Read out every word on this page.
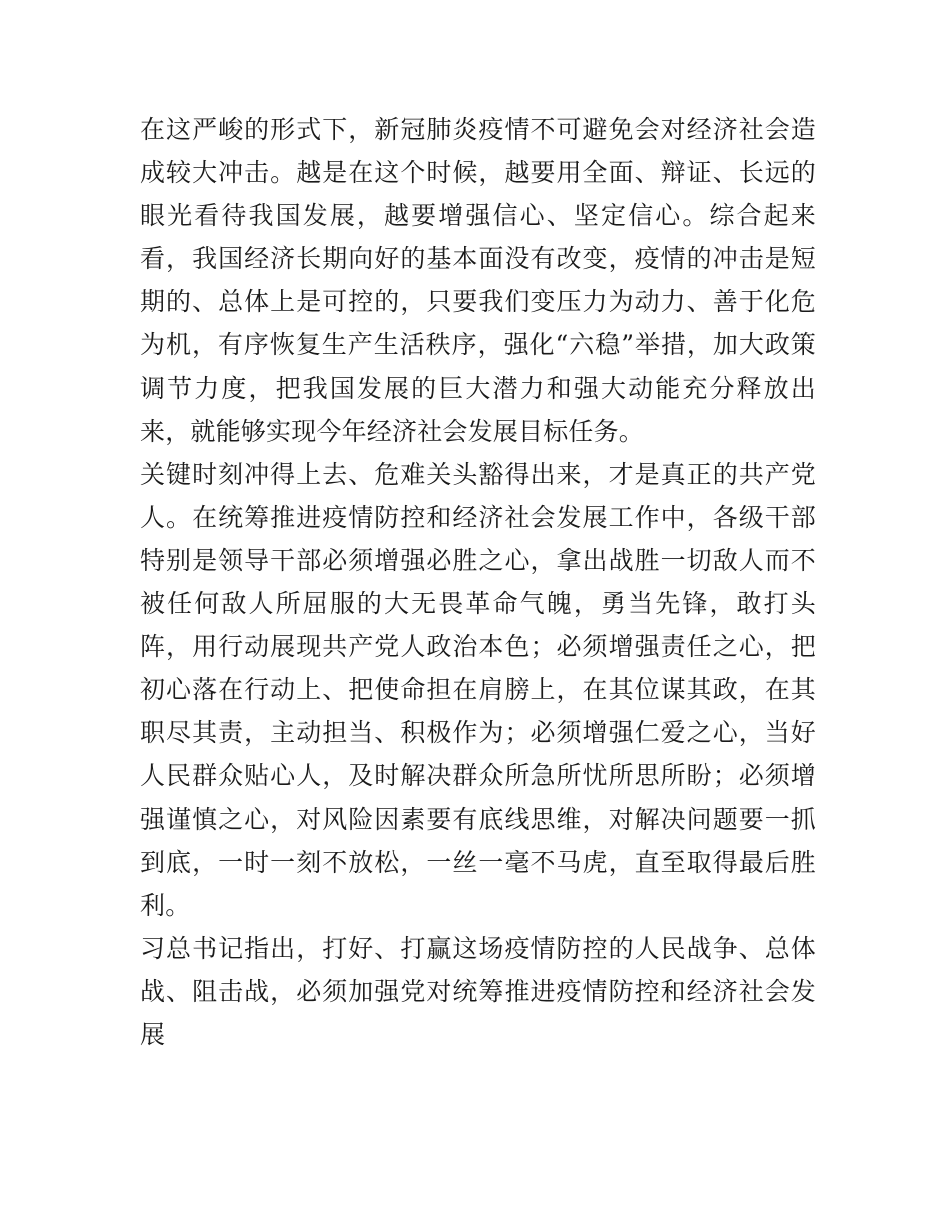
在这严峻的形式下，新冠肺炎疫情不可避免会对经济社会造成较大冲击。越是在这个时候，越要用全面、辩证、长远的眼光看待我国发展，越要增强信心、坚定信心。综合起来看，我国经济长期向好的基本面没有改变，疫情的冲击是短期的、总体上是可控的，只要我们变压力为动力、善于化危为机，有序恢复生产生活秩序，强化“六稳”举措，加大政策调节力度，把我国发展的巨大潜力和强大动能充分释放出来，就能够实现今年经济社会发展目标任务。

关键时刻冲得上去、危难关头豁得出来，才是真正的共产党人。在统筹推进疫情防控和经济社会发展工作中，各级干部特别是领导干部必须增强必胜之心，拿出战胜一切敌人而不被任何敌人所屈服的大无畏革命气魄，勇当先锋，敢打头阵，用行动展现共产党人政治本色；必须增强责任之心，把初心落在行动上、把使命担在肩膀上，在其位谋其政，在其职尽其责，主动担当、积极作为；必须增强仁爱之心，当好人民群众贴心人，及时解决群众所急所忧所思所盼；必须增强谨慎之心，对风险因素要有底线思维，对解决问题要一抓到底，一时一刻不放松，一丝一毫不马虎，直至取得最后胜利。

习总书记指出，打好、打赢这场疫情防控的人民战争、总体战、阻击战，必须加强党对统筹推进疫情防控和经济社会发展
